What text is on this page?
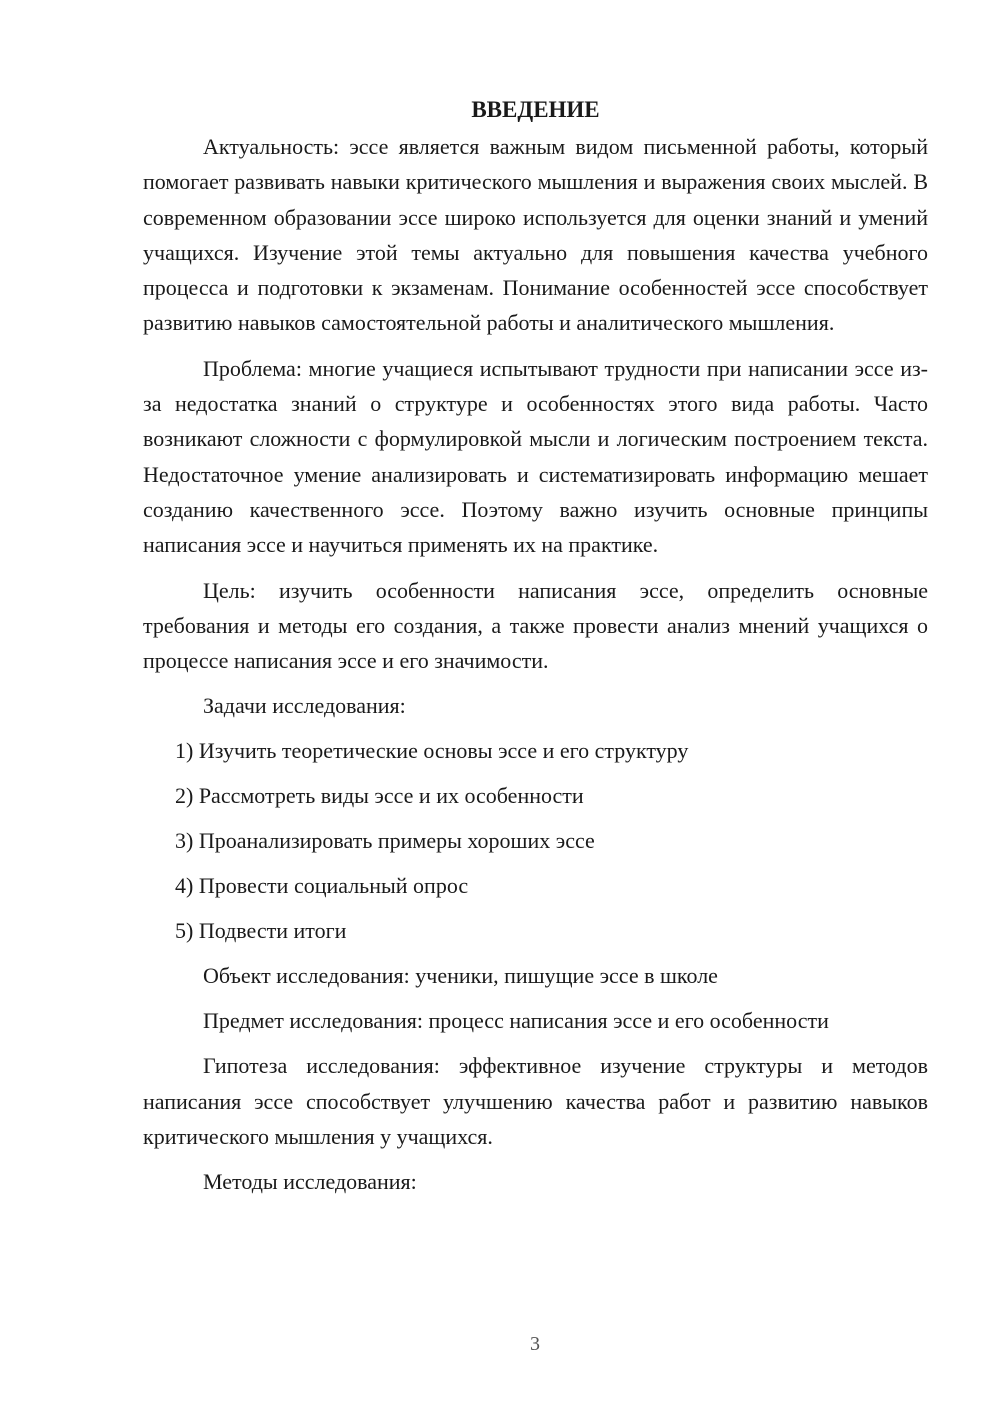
ВВЕДЕНИЕ

Актуальность: эссе является важным видом письменной работы, который помогает развивать навыки критического мышления и выражения своих мыслей. В современном образовании эссе широко используется для оценки знаний и умений учащихся. Изучение этой темы актуально для повышения качества учебного процесса и подготовки к экзаменам. Понимание особенностей эссе способствует развитию навыков самостоятельной работы и аналитического мышления.

Проблема: многие учащиеся испытывают трудности при написании эссе из-за недостатка знаний о структуре и особенностях этого вида работы. Часто возникают сложности с формулировкой мысли и логическим построением текста. Недостаточное умение анализировать и систематизировать информацию мешает созданию качественного эссе. Поэтому важно изучить основные принципы написания эссе и научиться применять их на практике.

Цель: изучить особенности написания эссе, определить основные требования и методы его создания, а также провести анализ мнений учащихся о процессе написания эссе и его значимости.

Задачи исследования:

1) Изучить теоретические основы эссе и его структуру

2) Рассмотреть виды эссе и их особенности

3) Проанализировать примеры хороших эссе

4) Провести социальный опрос

5) Подвести итоги

Объект исследования: ученики, пишущие эссе в школе

Предмет исследования: процесс написания эссе и его особенности

Гипотеза исследования: эффективное изучение структуры и методов написания эссе способствует улучшению качества работ и развитию навыков критического мышления у учащихся.

Методы исследования:

3
